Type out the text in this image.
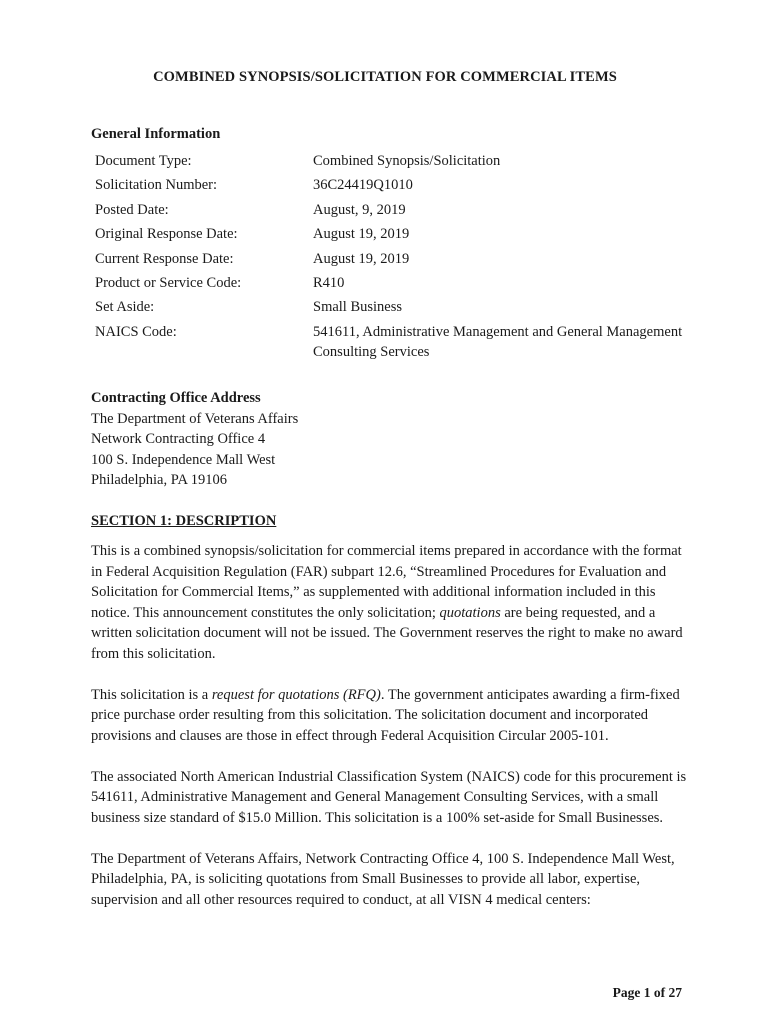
COMBINED SYNOPSIS/SOLICITATION FOR COMMERCIAL ITEMS
General Information
Document Type:	Combined Synopsis/Solicitation
Solicitation Number:	36C24419Q1010
Posted Date:	August, 9, 2019
Original Response Date:	August 19, 2019
Current Response Date:	August 19, 2019
Product or Service Code:	R410
Set Aside:	Small Business
NAICS Code:	541611, Administrative Management and General Management
Consulting Services
Contracting Office Address
The Department of Veterans Affairs
Network Contracting Office 4
100 S. Independence Mall West
Philadelphia, PA 19106
SECTION 1: DESCRIPTION

This is a combined synopsis/solicitation for commercial items prepared in accordance with the format in Federal Acquisition Regulation (FAR) subpart 12.6, “Streamlined Procedures for Evaluation and Solicitation for Commercial Items,” as supplemented with additional information included in this notice. This announcement constitutes the only solicitation; quotations are being requested, and a written solicitation document will not be issued. The Government reserves the right to make no award from this solicitation.

This solicitation is a request for quotations (RFQ). The government anticipates awarding a firm-fixed price purchase order resulting from this solicitation. The solicitation document and incorporated provisions and clauses are those in effect through Federal Acquisition Circular 2005-101.

The associated North American Industrial Classification System (NAICS) code for this procurement is 541611, Administrative Management and General Management Consulting Services, with a small business size standard of $15.0 Million. This solicitation is a 100% set-aside for Small Businesses.

The Department of Veterans Affairs, Network Contracting Office 4, 100 S. Independence Mall West, Philadelphia, PA, is soliciting quotations from Small Businesses to provide all labor, expertise, supervision and all other resources required to conduct, at all VISN 4 medical centers:

Page 1 of 27
